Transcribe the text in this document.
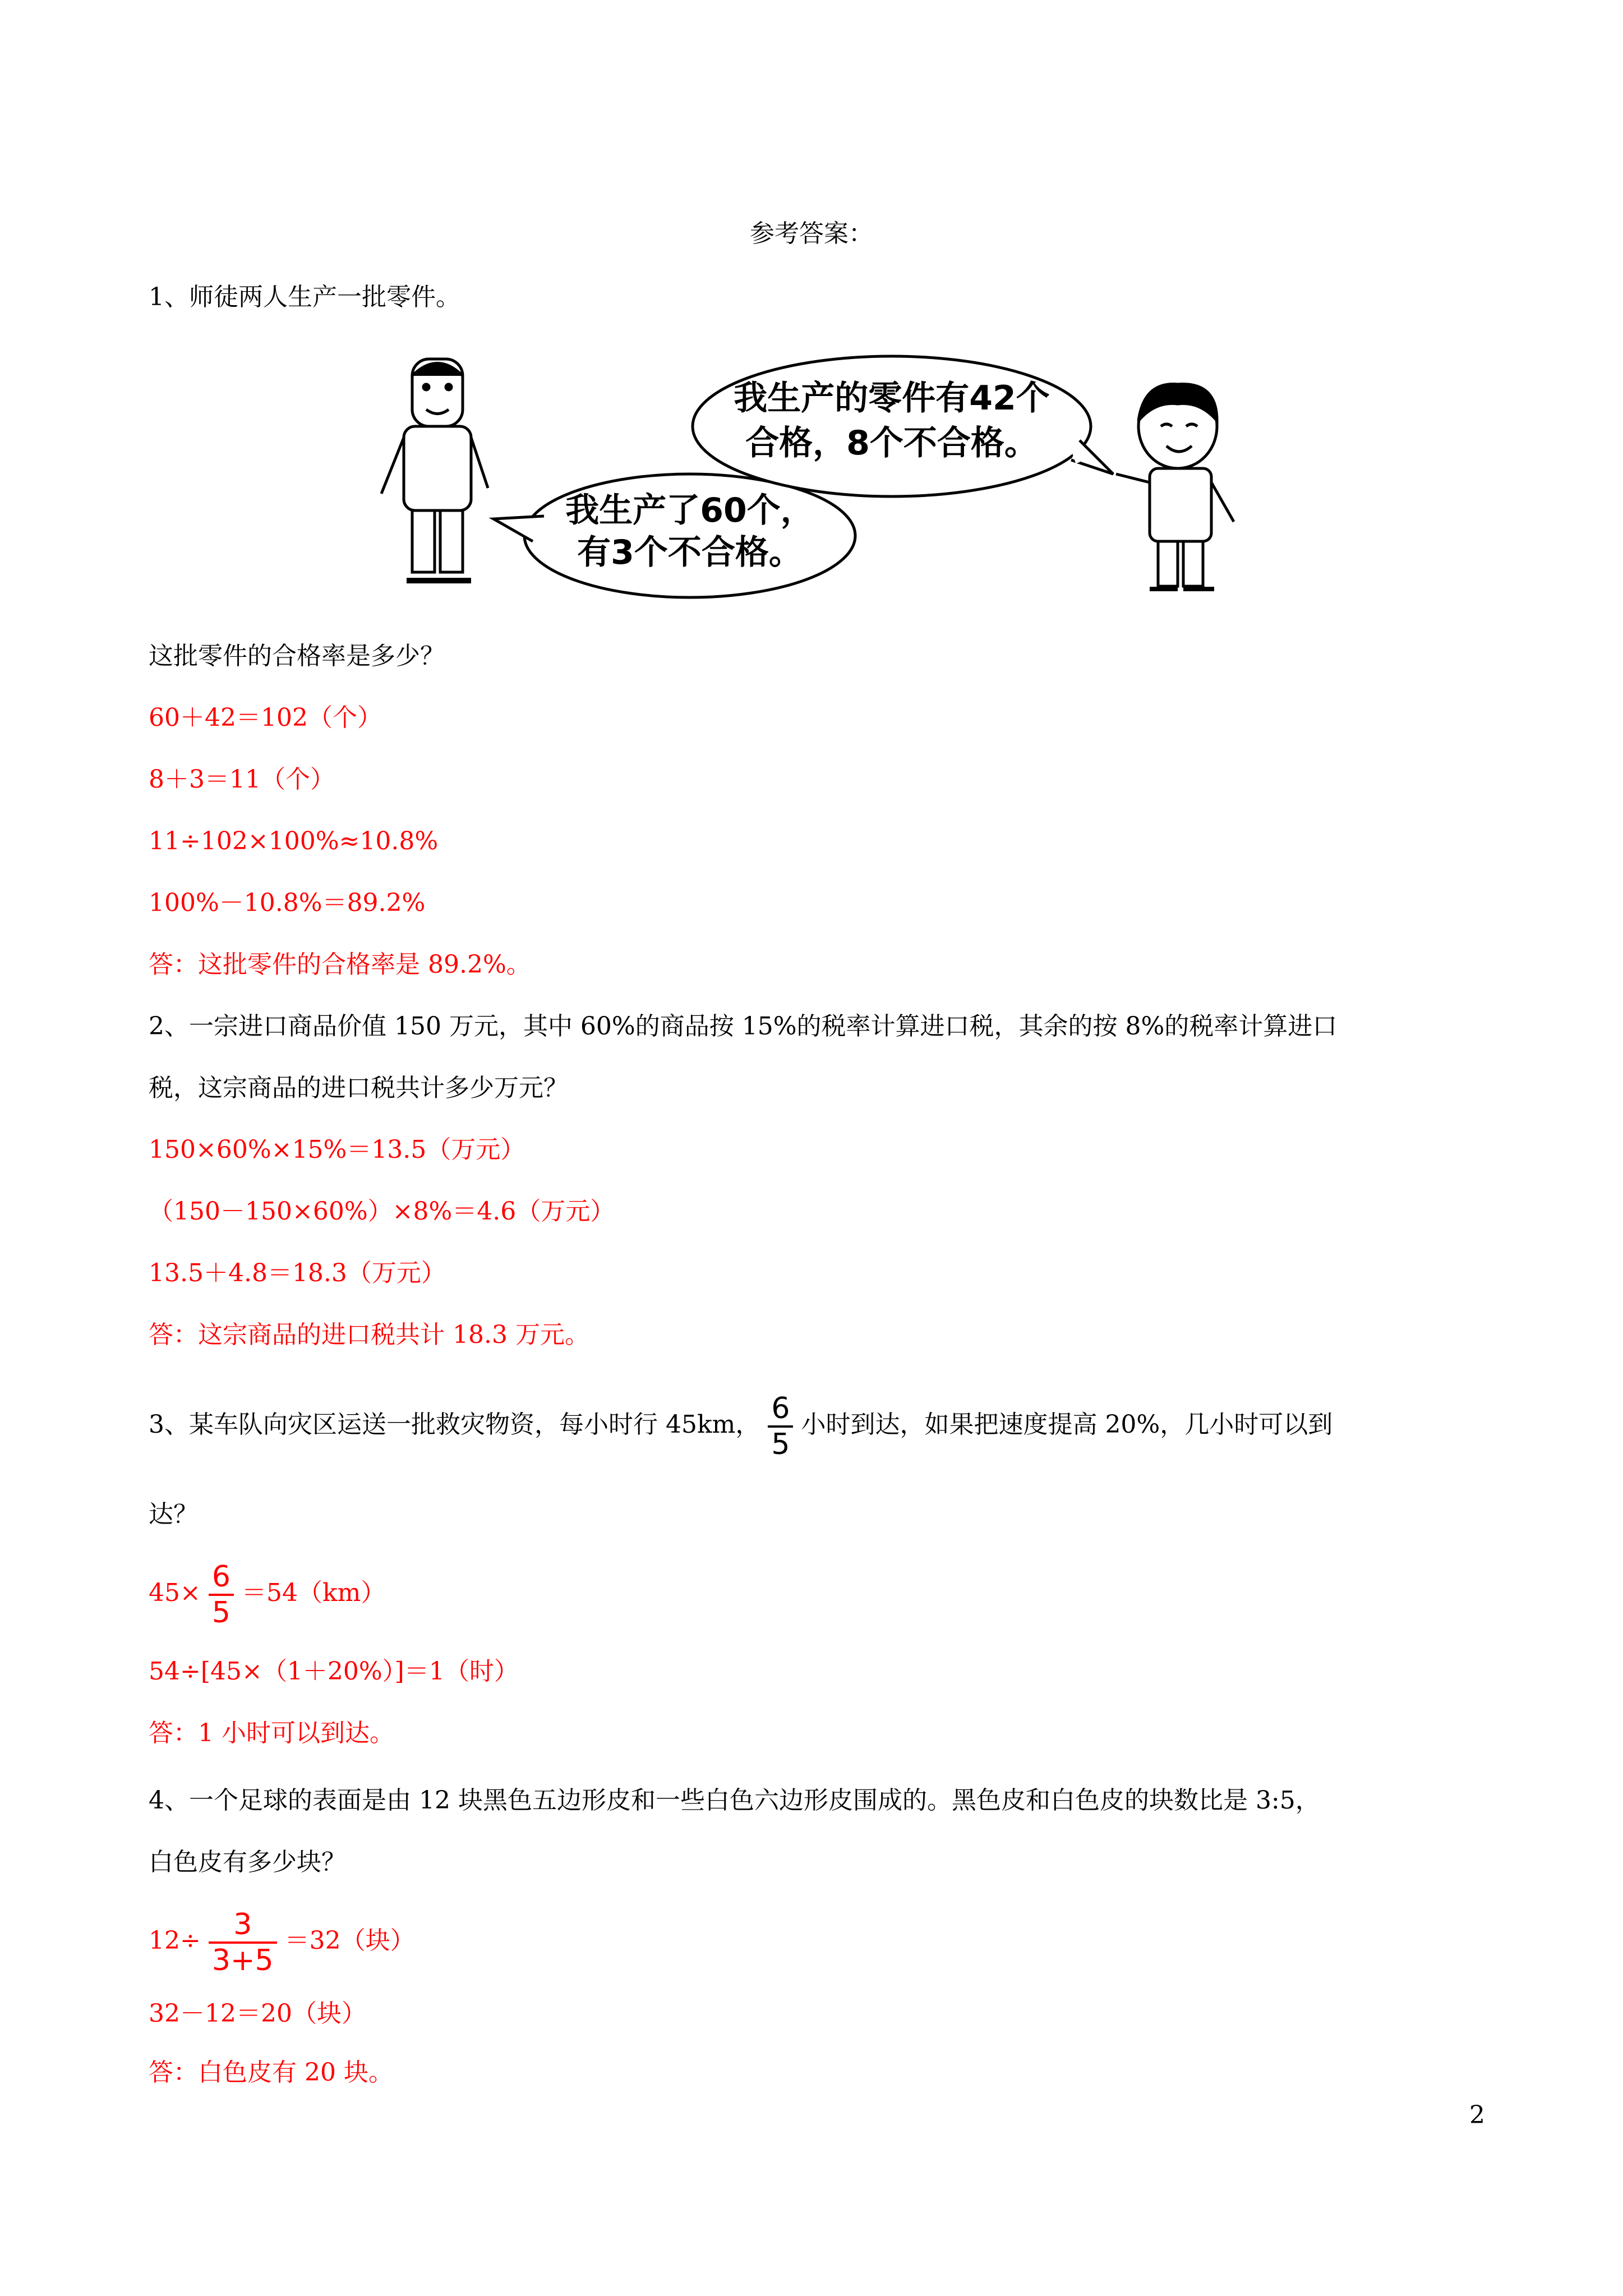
参考答案：
1、师徒两人生产一批零件。
我生产了60个，
有3个不合格。
我生产的零件有42个
合格，8个不合格。
这批零件的合格率是多少？
60＋42＝102（个）
8＋3＝11（个）
11÷102×100%≈10.8%
100%－10.8%＝89.2%
答：这批零件的合格率是 89.2%。
2、一宗进口商品价值 150 万元，其中 60%的商品按 15%的税率计算进口税，其余的按 8%的税率计算进口
税，这宗商品的进口税共计多少万元？
150×60%×15%＝13.5（万元）
（150－150×60%）×8%＝4.6（万元）
13.5＋4.8＝18.3（万元）
答：这宗商品的进口税共计 18.3 万元。
3、某车队向灾区运送一批救灾物资，每小时行 45km， $\frac{6}{5}$ 小时到达，如果把速度提高 20%，几小时可以到
达？
$45\times \frac{6}{5} =54(km)$
54÷[45×（1＋20%）]＝1（时）
答：1 小时可以到达。
4、一个足球的表面是由 12 块黑色五边形皮和一些白色六边形皮围成的。黑色皮和白色皮的块数比是 3:5，
白色皮有多少块？
$12\div \frac{3}{3+5} =32$（块）
32－12＝20（块）
答：白色皮有 20 块。
2
